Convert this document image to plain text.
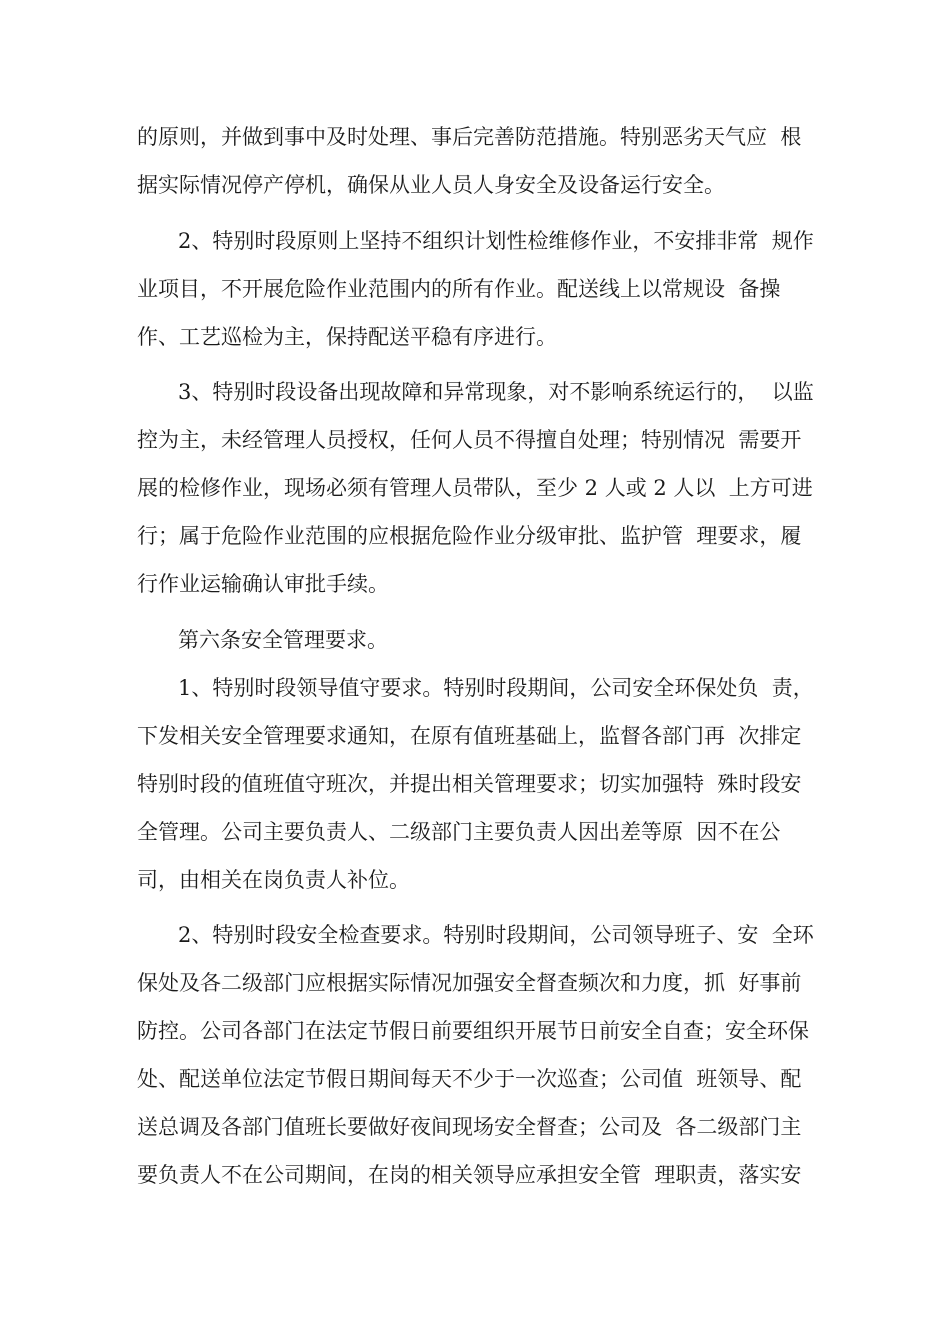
的原则，并做到事中及时处理、事后完善防范措施。特别恶劣天气应  根
据实际情况停产停机，确保从业人员人身安全及设备运行安全。
2、特别时段原则上坚持不组织计划性检维修作业，不安排非常  规作
业项目，不开展危险作业范围内的所有作业。配送线上以常规设  备操
作、工艺巡检为主，保持配送平稳有序进行。
3、特别时段设备出现故障和异常现象，对不影响系统运行的，  以监
控为主，未经管理人员授权，任何人员不得擅自处理；特别情况  需要开
展的检修作业，现场必须有管理人员带队，至少 2 人或 2 人以  上方可进
行；属于危险作业范围的应根据危险作业分级审批、监护管  理要求，履
行作业运输确认审批手续。
第六条安全管理要求。
1、特别时段领导值守要求。特别时段期间，公司安全环保处负  责，
下发相关安全管理要求通知，在原有值班基础上，监督各部门再  次排定
特别时段的值班值守班次，并提出相关管理要求；切实加强特  殊时段安
全管理。公司主要负责人、二级部门主要负责人因出差等原  因不在公
司，由相关在岗负责人补位。
2、特别时段安全检查要求。特别时段期间，公司领导班子、安  全环
保处及各二级部门应根据实际情况加强安全督查频次和力度，抓  好事前
防控。公司各部门在法定节假日前要组织开展节日前安全自查；安全环保
处、配送单位法定节假日期间每天不少于一次巡查；公司值  班领导、配
送总调及各部门值班长要做好夜间现场安全督查；公司及  各二级部门主
要负责人不在公司期间，在岗的相关领导应承担安全管  理职责，落实安
